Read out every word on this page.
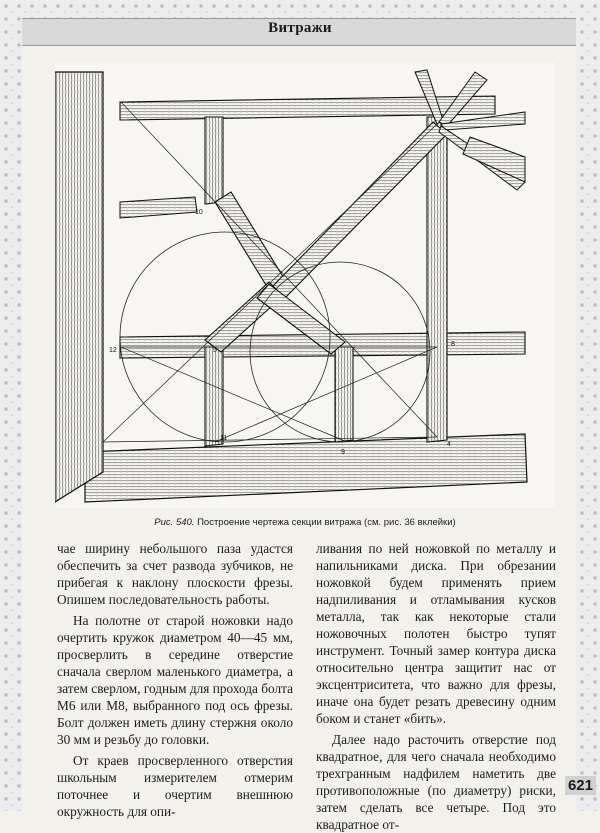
Витражи
10
12	5	7
8
9
11
4
Рис. 540. Построение чертежа секции витража (см. рис. 36 вклейки)

чае ширину небольшого паза удастся обеспечить за счет развода зубчиков, не прибегая к наклону плоскости фрезы. Опишем последовательность работы.

На полотне от старой ножовки надо очертить кружок диаметром 40—45 мм, просверлить в середине отверстие сначала сверлом маленького диаметра, а затем сверлом, годным для прохода болта М6 или М8, выбранного под ось фрезы. Болт должен иметь длину стержня около 30 мм и резьбу до головки.

От краев просверленного отверстия школьным измерителем отмерим поточнее и очертим внешнюю окружность для опи-

ливания по ней ножовкой по металлу и напильниками диска. При обрезании ножовкой будем применять прием надпиливания и отламывания кусков металла, так как некоторые стали ножовочных полотен быстро тупят инструмент. Точный замер контура диска относительно центра защитит нас от эксцентриситета, что важно для фрезы, иначе она будет резать древесину одним боком и станет «бить».

Далее надо расточить отверстие под квадратное, для чего сначала необходимо трехгранным надфилем наметить две противоположные (по диаметру) риски, затем сделать все четыре. Под это квадратное от-

621
